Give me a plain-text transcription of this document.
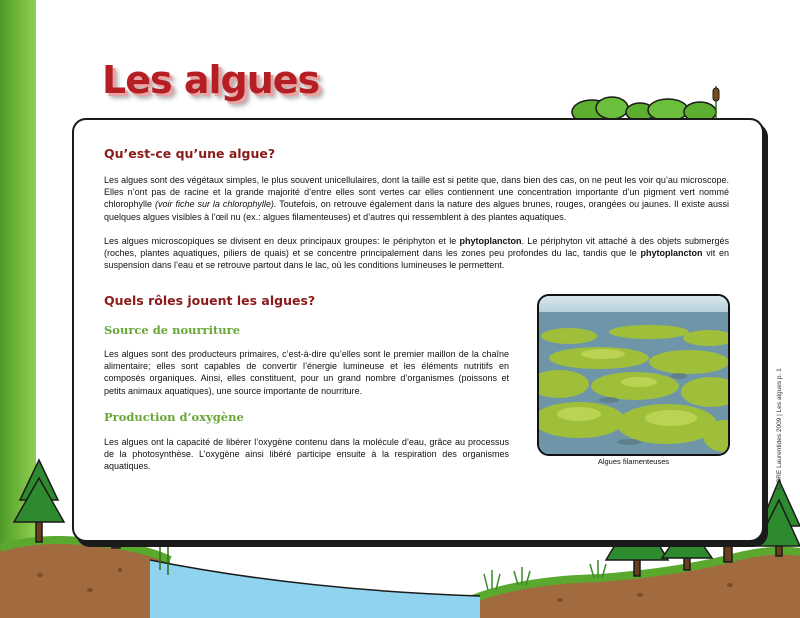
Les algues
Qu’est-ce qu’une algue?

Les algues sont des végétaux simples, le plus souvent unicellulaires, dont la taille est si petite que, dans bien des cas, on ne peut les voir qu’au microscope. Elles n’ont pas de racine et la grande majorité d’entre elles sont vertes car elles contiennent une concentration importante d’un pigment vert nommé chlorophylle (voir fiche sur la chlorophylle). Toutefois, on retrouve également dans la nature des algues brunes, rouges, orangées ou jaunes. Il existe aussi quelques algues visibles à l’œil nu (ex.: algues filamenteuses) et d’autres qui ressemblent à des plantes aquatiques.

Les algues microscopiques se divisent en deux principaux groupes: le périphyton et le phytoplancton. Le périphyton vit attaché à des objets submergés (roches, plantes aquatiques, piliers de quais) et se concentre principalement dans les zones peu profondes du lac, tandis que le phytoplancton vit en suspension dans l’eau et se retrouve partout dans le lac, où les conditions lumineuses le permettent.

Quels rôles jouent les algues?
Source de nourriture

Les algues sont des producteurs primaires, c’est-à-dire qu’elles sont le premier maillon de la chaîne alimentaire; elles sont capables de convertir l’énergie lumineuse et les éléments nutritifs en composés organiques. Ainsi, elles constituent, pour un grand nombre d’organismes (poissons et petits animaux aquatiques), une source importante de nourriture.

Production d’oxygène

Les algues ont la capacité de libérer l’oxygène contenu dans la molécule d’eau, grâce au processus de la photosynthèse. L’oxygène ainsi libéré participe ensuite à la respiration des organismes aquatiques.	Algues filamenteuses	© CRE Laurentides 2009 | Les algues p. 1
